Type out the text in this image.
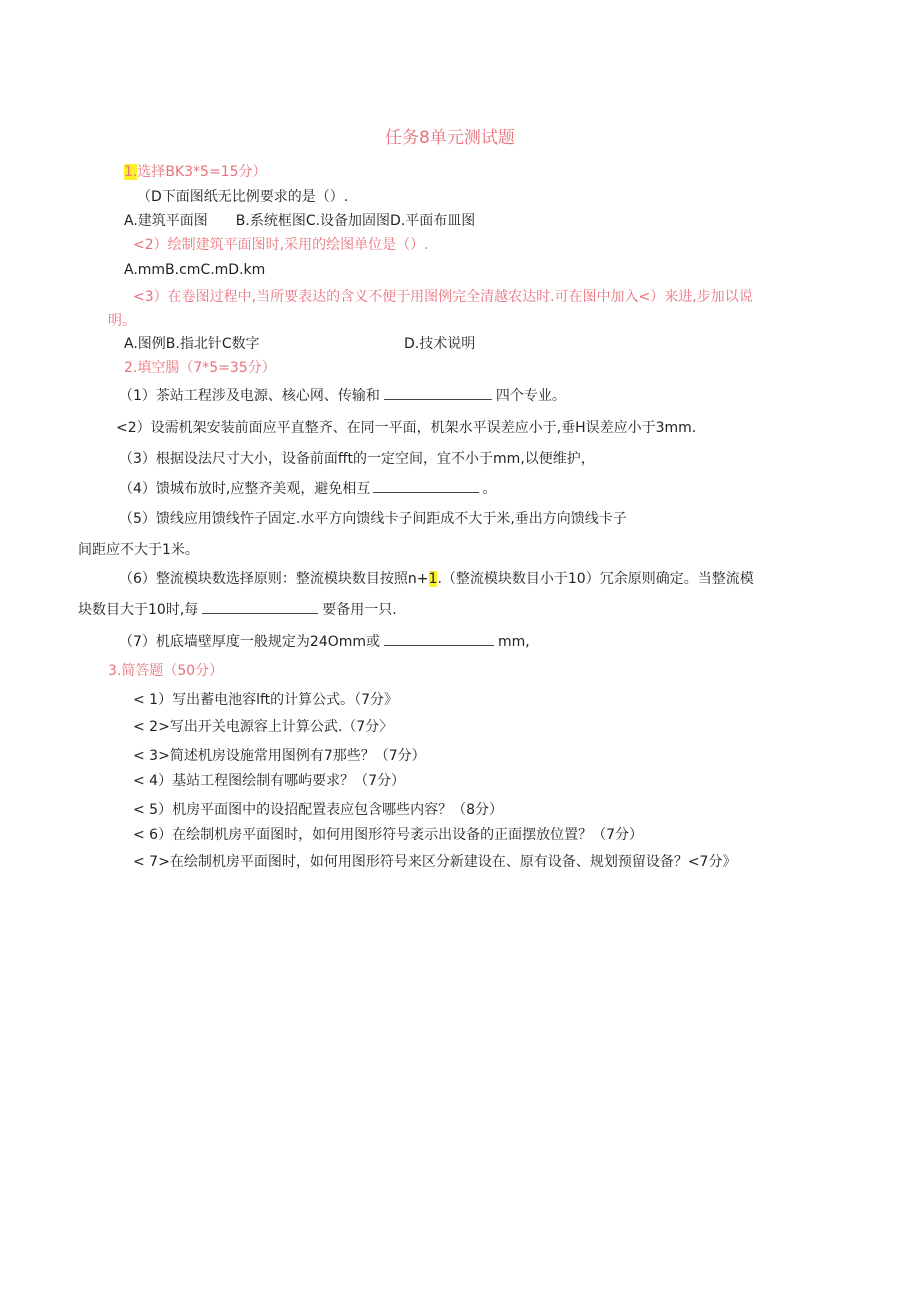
任务8单元测试题
1.选择BK3*5=15分）
（D下面图纸无比例要求的是（）.
A.建筑平面图　　B.系统框图C.设备加固图D.平面布皿图
<2）绘制建筑平面图时,采用的绘图单位是（）.
A.mmB.cmC.mD.km
<3）在卷图过程中,当所要表达的含义不便于用图例完全清越农达时.可在图中加入<）来进,步加以说
明。
A.图例B.指北针C数字	D.技术说明
2.填空腸（7*5=35分）
（1）茶站工程涉及电源、核心网、传输和	四个专业。
<2）设需机架安装前面应平直整齐、在同一平面，机架水平误差应小于,垂H误差应小于3mm.
（3）根据设法尺寸大小，设备前面fft的一定空间，宜不小于mm,以便维护，
（4）馈城布放时,应整齐美观，避免相互	。
（5）馈线应用馈线忤子固定.水平方向馈线卡子间距成不大于米,垂出方向馈线卡子
间距应不大于1米。
（6）整流模块数选择原则：整流模块数目按照n+1.（整流模块数目小于10）冗余原则确定。当整流模
块数目大于10时,每	要备用一只.
（7）机底墙壁厚度一般规定为24Omm或	mm,
3.简答题（50分）
< 1）写出蓄电池容lft的计算公式。（7分》
< 2>写出开关电源容上计算公武.（7分〉
< 3>简述机房设施常用图例有7那些？（7分）
< 4）基站工程图绘制有哪屿要求？（7分）
< 5）机房平面图中的设招配置表应包含哪些内容？（8分）
< 6）在绘制机房平面图时，如何用图形符号袤示出设备的正面摆放位置？（7分）
< 7>在绘制机房平面图时，如何用图形符号来区分新建设在、原有设备、规划预留设备？<7分》
